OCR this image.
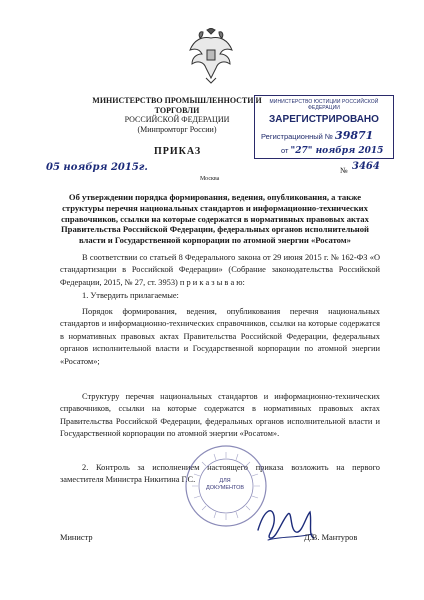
МИНИСТЕРСТВО ПРОМЫШЛЕННОСТИ И ТОРГОВЛИ
РОССИЙСКОЙ ФЕДЕРАЦИИ
(Минпромторг России)
МИНИСТЕРСТВО ЮСТИЦИИ РОССИЙСКОЙ ФЕДЕРАЦИИ
ЗАРЕГИСТРИРОВАНО
Регистрационный № 39871
от "27" ноября 2015
ПРИКАЗ
05 ноября 2015г.
Москва
№ 3464
Об утверждении порядка формирования, ведения, опубликования, а также структуры перечня национальных стандартов и информационно-технических справочников, ссылки на которые содержатся в нормативных правовых актах Правительства Российской Федерации, федеральных органов исполнительной власти и Государственной корпорации по атомной энергии «Росатом»
В соответствии со статьей 8 Федерального закона от 29 июня 2015 г. № 162-ФЗ «О стандартизации в Российской Федерации» (Собрание законодательства Российской Федерации, 2015, № 27, ст. 3953) п р и к а з ы в а ю:
1. Утвердить прилагаемые:
Порядок формирования, ведения, опубликования перечня национальных стандартов и информационно-технических справочников, ссылки на которые содержатся в нормативных правовых актах Правительства Российской Федерации, федеральных органов исполнительной власти и Государственной корпорации по атомной энергии «Росатом»;
Структуру перечня национальных стандартов и информационно-технических справочников, ссылки на которые содержатся в нормативных правовых актах Правительства Российской Федерации, федеральных органов исполнительной власти и Государственной корпорации по атомной энергии «Росатом».
2. Контроль за исполнением настоящего приказа возложить на первого заместителя Министра Никитина Г.С.	ДЛЯ ДОКУМЕНТОВ
Министр	Д.В. Мантуров
